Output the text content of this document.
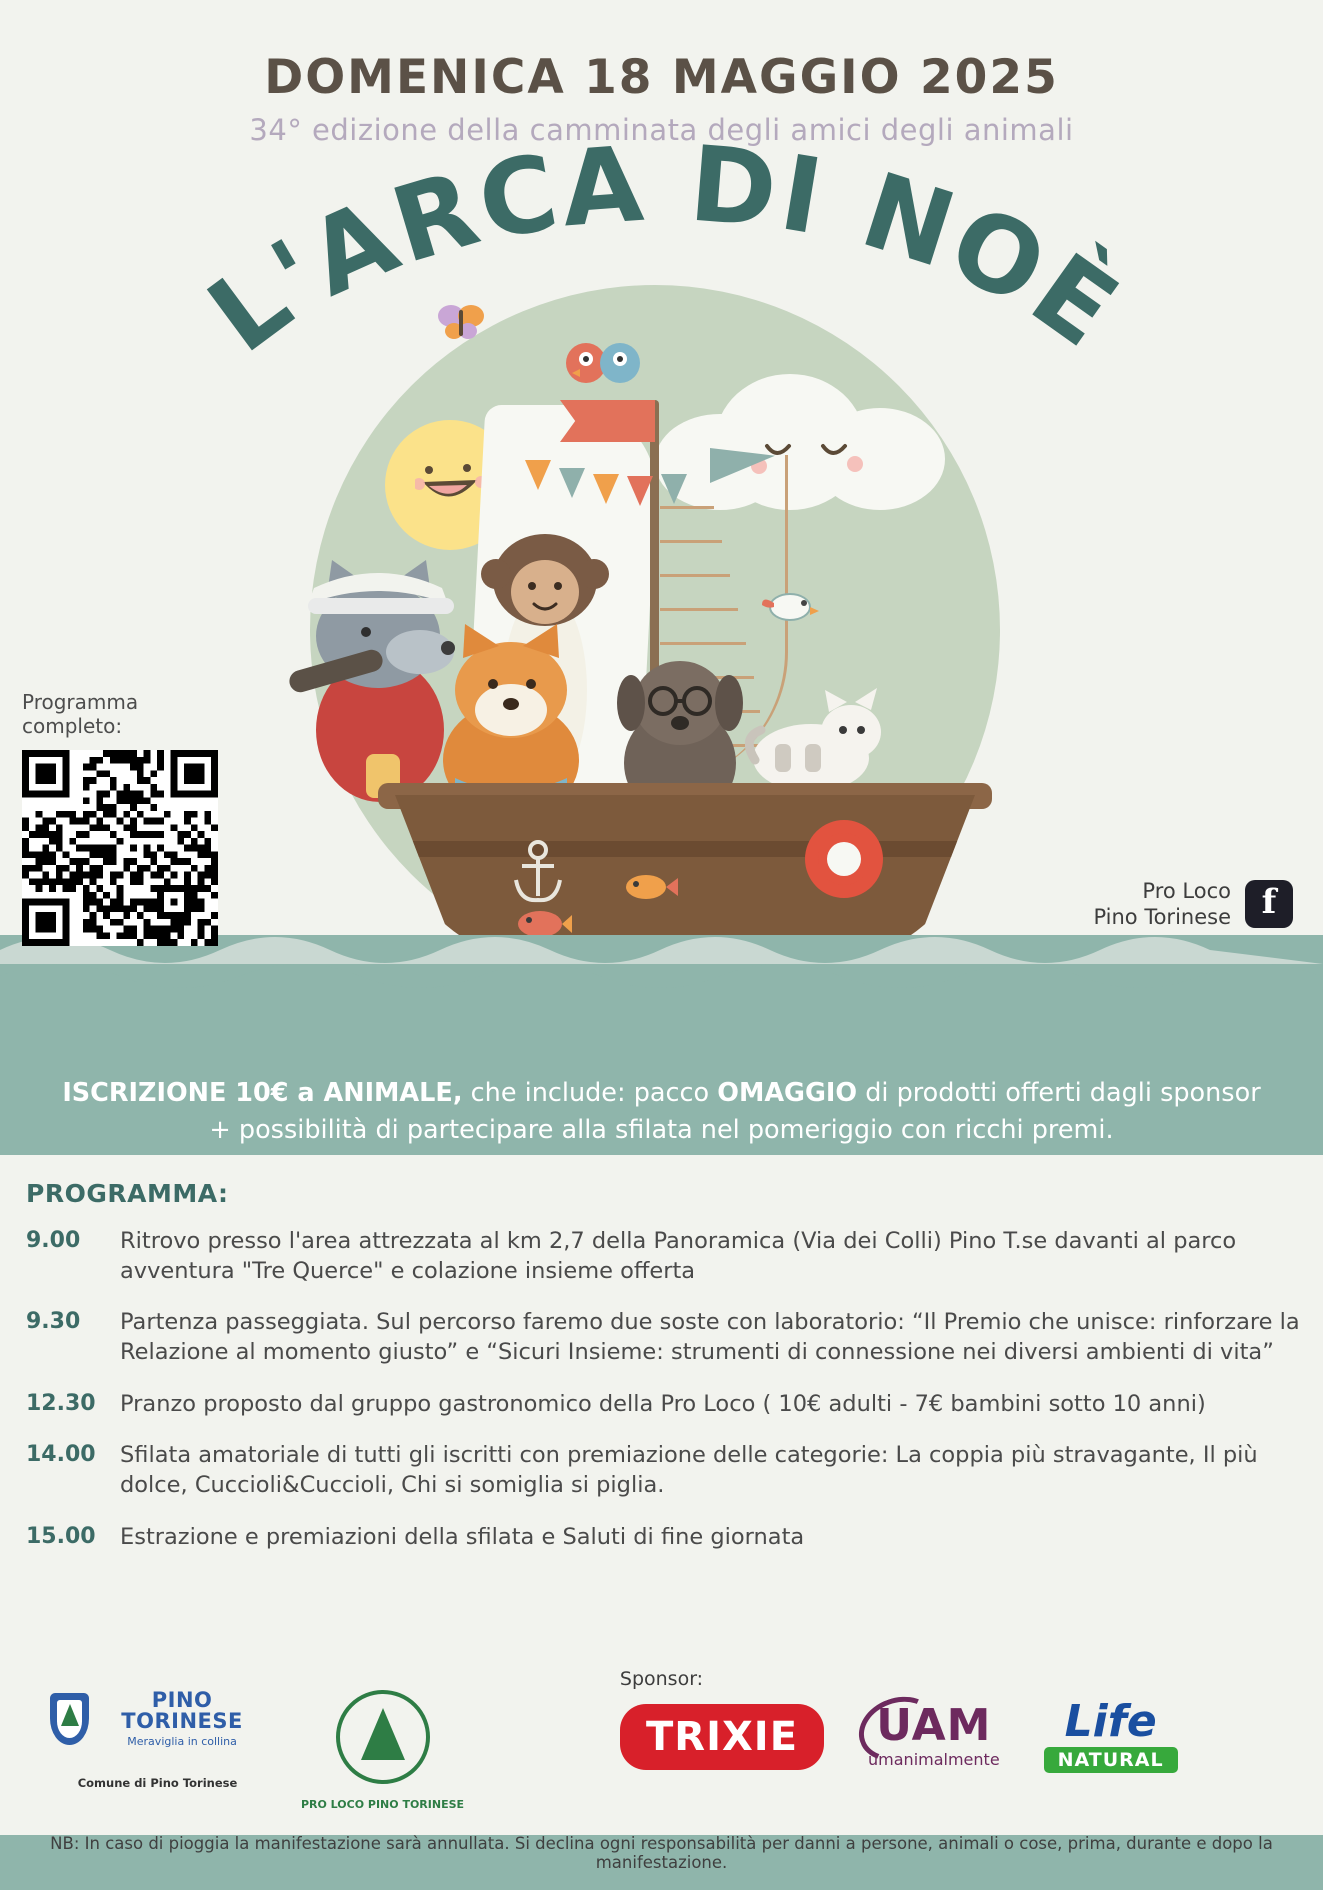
DOMENICA 18 MAGGIO 2025
34° edizione della camminata degli amici degli animali
L'ARCA DI NOÈ
Programma completo:
Pro Loco
Pino Torinese f
ISCRIZIONE 10€ a ANIMALE, che include: pacco OMAGGIO di prodotti offerti dagli sponsor
+ possibilità di partecipare alla sfilata nel pomeriggio con ricchi premi.
PROGRAMMA:
9.00	Ritrovo presso l'area attrezzata al km 2,7 della Panoramica (Via dei Colli) Pino T.se davanti al parco avventura "Tre Querce" e colazione insieme offerta
9.30	Partenza passeggiata. Sul percorso faremo due soste con laboratorio: “Il Premio che unisce: rinforzare la Relazione al momento giusto” e “Sicuri Insieme: strumenti di connessione nei diversi ambienti di vita”
12.30	Pranzo proposto dal gruppo gastronomico della Pro Loco ( 10€ adulti - 7€ bambini sotto 10 anni)
14.00	Sfilata amatoriale di tutti gli iscritti con premiazione delle categorie: La coppia più stravagante, Il più dolce, Cuccioli&Cuccioli, Chi si somiglia si piglia.
15.00	Estrazione e premiazioni della sfilata e Saluti di fine giornata
Sponsor:
PINO TORINESE
Meraviglia in collina
Comune di Pino Torinese
PRO LOCO PINO TORINESE
TRIXIE	UAM
umanimalmente
Life
NATURAL
NB: In caso di pioggia la manifestazione sarà annullata. Si declina ogni responsabilità per danni a persone, animali o cose, prima, durante e dopo la manifestazione.
